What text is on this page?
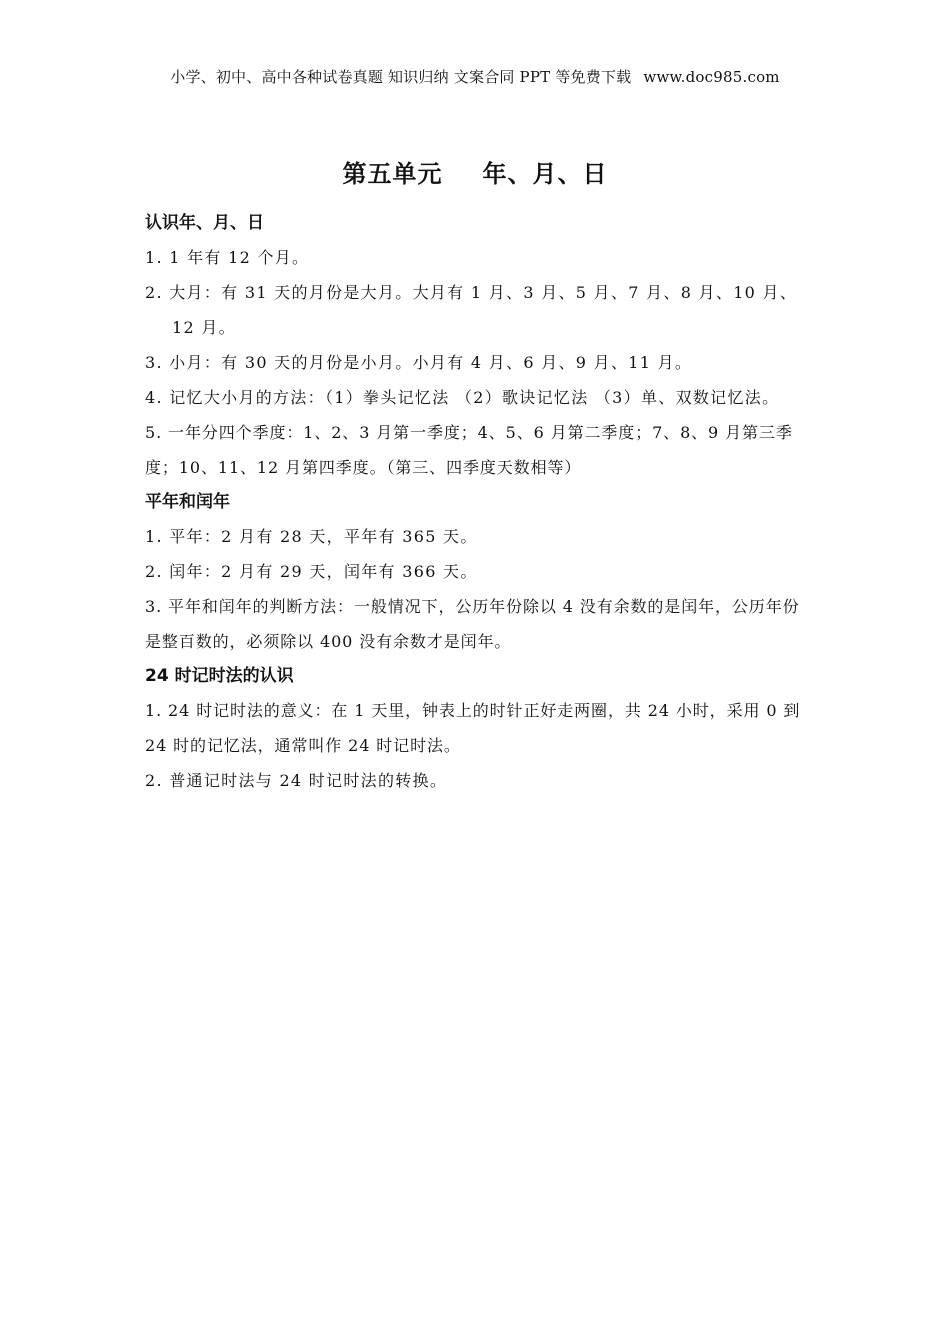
小学、初中、高中各种试卷真题 知识归纳 文案合同 PPT 等免费下载 www.doc985.com
第五单元 年、月、日
认识年、月、日
1. 1 年有 12 个月。
2. 大月：有 31 天的月份是大月。大月有 1 月、3 月、5 月、7 月、8 月、10 月、12 月。
3. 小月：有 30 天的月份是小月。小月有 4 月、6 月、9 月、11 月。
4. 记忆大小月的方法：（1）拳头记忆法 （2）歌诀记忆法 （3）单、双数记忆法。
5. 一年分四个季度：1、2、3 月第一季度；4、5、6 月第二季度；7、8、9 月第三季度；10、11、12 月第四季度。（第三、四季度天数相等）
平年和闰年
1. 平年：2 月有 28 天，平年有 365 天。
2. 闰年：2 月有 29 天，闰年有 366 天。
3. 平年和闰年的判断方法：一般情况下，公历年份除以 4 没有余数的是闰年，公历年份是整百数的，必须除以 400 没有余数才是闰年。
24 时记时法的认识
1. 24 时记时法的意义：在 1 天里，钟表上的时针正好走两圈，共 24 小时，采用 0 到 24 时的记忆法，通常叫作 24 时记时法。
2. 普通记时法与 24 时记时法的转换。
